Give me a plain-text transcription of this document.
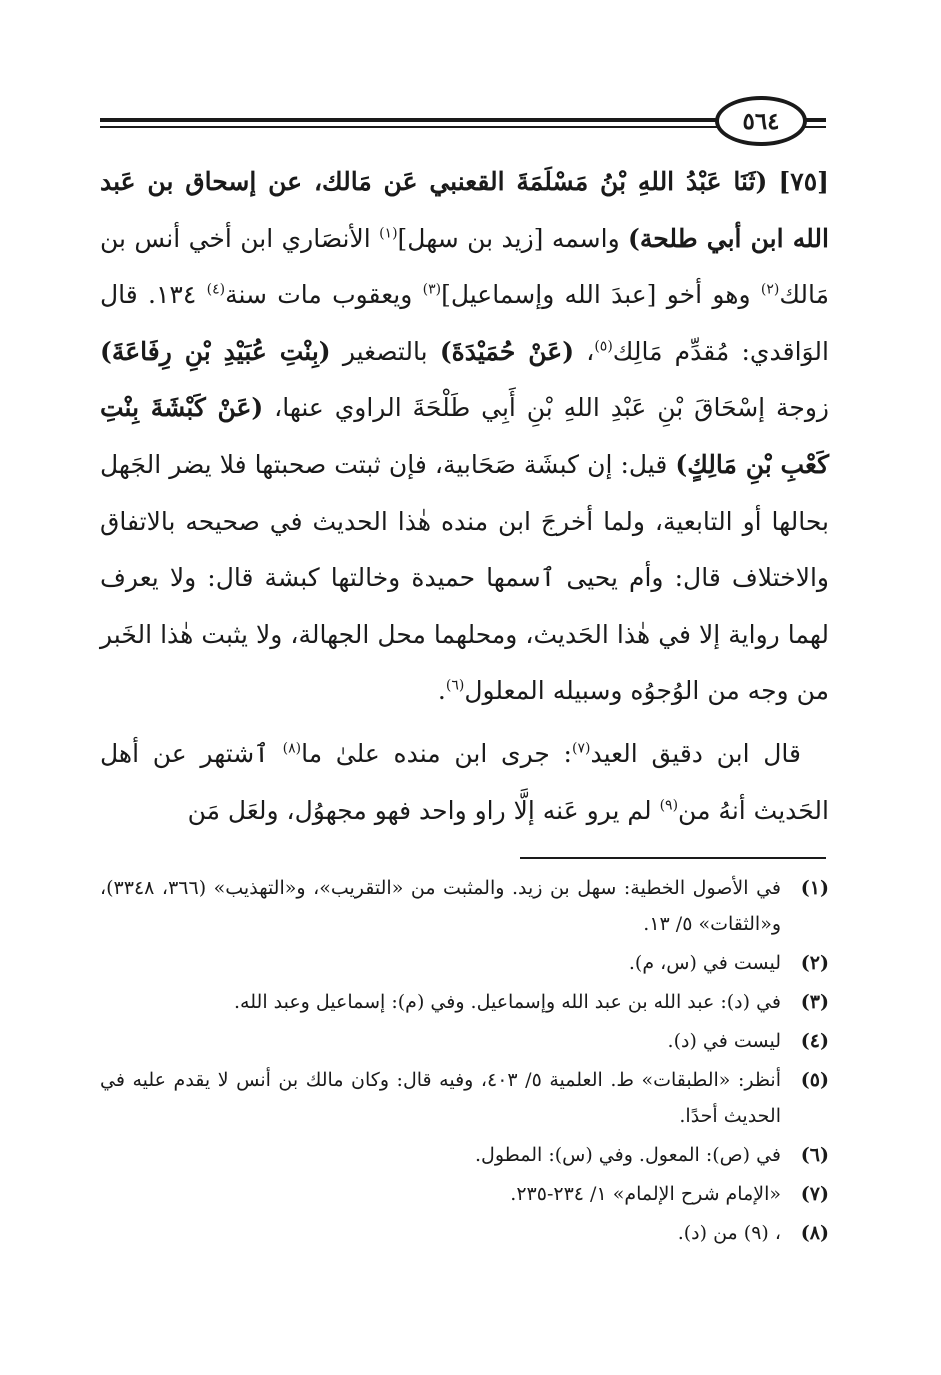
٥٦٤

[٧٥] (ثَنَا عَبْدُ اللهِ بْنُ مَسْلَمَةَ القعنبي عَن مَالك، عن إسحاق بن عَبد الله ابن أبي طلحة) واسمه [زيد بن سهل]$^{(١)}$ الأنصَاري ابن أخي أنس بن مَالك$^{(٢)}$ وهو أخو [عبدَ الله وإسماعيل]$^{(٣)}$ ويعقوب مات سنة$^{(٤)}$ ١٣٤. قال الوَاقدي: مُقدِّم مَالِك$^{(٥)}$، (عَنْ حُمَيْدَةَ) بالتصغير (بِنْتِ عُبَيْدِ بْنِ رِفَاعَةَ) زوجة إسْحَاقَ بْنِ عَبْدِ اللهِ بْنِ أَبِي طَلْحَةَ الراوي عنها، (عَنْ كَبْشَةَ بِنْتِ كَعْبِ بْنِ مَالِكٍ) قيل: إن كبشَة صَحَابية، فإن ثبتت صحبتها فلا يضر الجَهل بحالها أو التابعية، ولما أخرجَ ابن منده هٰذا الحديث في صحيحه بالاتفاق والاختلاف قال: وأم يحيى ٱسمها حميدة وخالتها كبشة قال: ولا يعرف لهما رواية إلا في هٰذا الحَديث، ومحلهما محل الجهالة، ولا يثبت هٰذا الخَبر من وجه من الوُجوُه وسبيله المعلول$^{(٦)}$.

قال ابن دقيق العيد$^{(٧)}$: جرى ابن منده علىٰ ما$^{(٨)}$ ٱشتهر عن أهل الحَديث أنهُ من$^{(٩)}$ لم يرو عَنه إلَّا راو واحد فهو مجهوُل، ولعَل مَن

(١)
في الأصول الخطية: سهل بن زيد. والمثبت من «التقريب»، و«التهذيب» (٣٦٦، ٣٣٤٨)، و«الثقات» ٥/ ١٣.
(٢)
ليست في (س، م).
(٣)
في (د): عبد الله بن عبد الله وإسماعيل. وفي (م): إسماعيل وعبد الله.
(٤)
ليست في (د).
(٥)
أنظر: «الطبقات» ط. العلمية ٥/ ٤٠٣، وفيه قال: وكان مالك بن أنس لا يقدم عليه في الحديث أحدًا.
(٦)
في (ص): المعول. وفي (س): المطول.
(٧)
«الإمام شرح الإلمام» ١/ ٢٣٤-٢٣٥.
(٨)
، (٩) من (د).
